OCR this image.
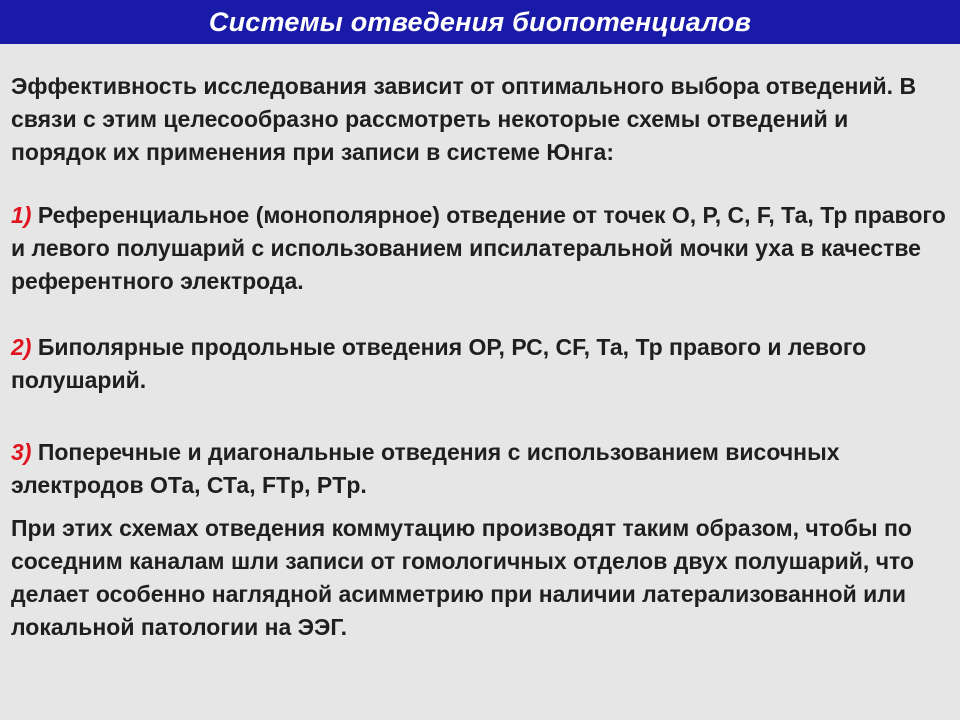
Системы отведения биопотенциалов

Эффективность исследования зависит от оптимального выбора отведений. В связи с этим целесообразно рассмотреть некоторые схемы отведений и порядок их применения при записи в системе Юнга:

1) Референциальное (монополярное) отведение от точек О, Р, С, F, Та, Тр правого и левого полушарий с использованием ипсилатеральной мочки уха в качестве референтного электрода.

2) Биполярные продольные отведения ОР, РС, CF, Та, Тр правого и левого полушарий.

3) Поперечные и диагональные отведения с использованием височных электродов ОТа, СТа, FTp, PTp.

При этих схемах отведения коммутацию производят таким образом, чтобы по соседним каналам шли записи от гомологичных отделов двух полушарий, что делает особенно наглядной асимметрию при наличии латерализованной или локальной патологии на ЭЭГ.
